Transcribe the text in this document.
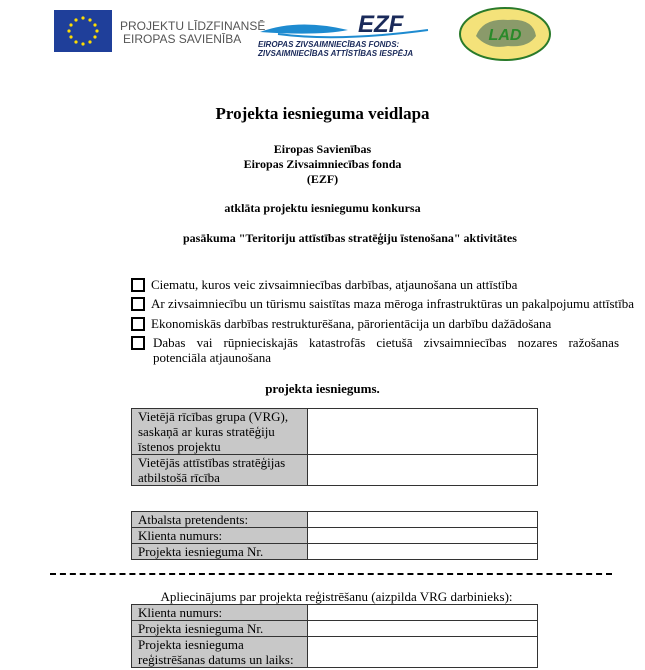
PROJEKTU LĪDZFINANSĒ
EIROPAS SAVIENĪBA
EZF
EIROPAS ZIVSAIMNIECĪBAS FONDS:
ZIVSAIMNIECĪBAS ATTĪSTĪBAS IESPĒJA
LAD
Projekta iesnieguma veidlapa
Eiropas Savienības
Eiropas Zivsaimniecības fonda
(EZF)
atklāta projektu iesniegumu konkursa
pasākuma "Teritoriju attīstības stratēģiju īstenošana" aktivitātes
Ciematu, kuros veic zivsaimniecības darbības, atjaunošana un attīstība
Ar zivsaimniecību un tūrismu saistītas maza mēroga infrastruktūras un pakalpojumu attīstība
Ekonomiskās darbības restrukturēšana, pārorientācija un darbību dažādošana
Dabas vai rūpnieciskajās katastrofās cietušā zivsaimniecības nozares ražošanas potenciāla atjaunošana
projekta iesniegums.
Vietējā rīcības grupa (VRG), saskaņā ar kuras stratēģiju īstenos projektu	
Vietējās attīstības stratēģijas atbilstošā rīcība	
Atbalsta pretendents:	
Klienta numurs:	
Projekta iesnieguma Nr.	
Apliecinājums par projekta reģistrēšanu (aizpilda VRG darbinieks):
Klienta numurs:	
Projekta iesnieguma Nr.	
Projekta iesnieguma reģistrēšanas datums un laiks:	
